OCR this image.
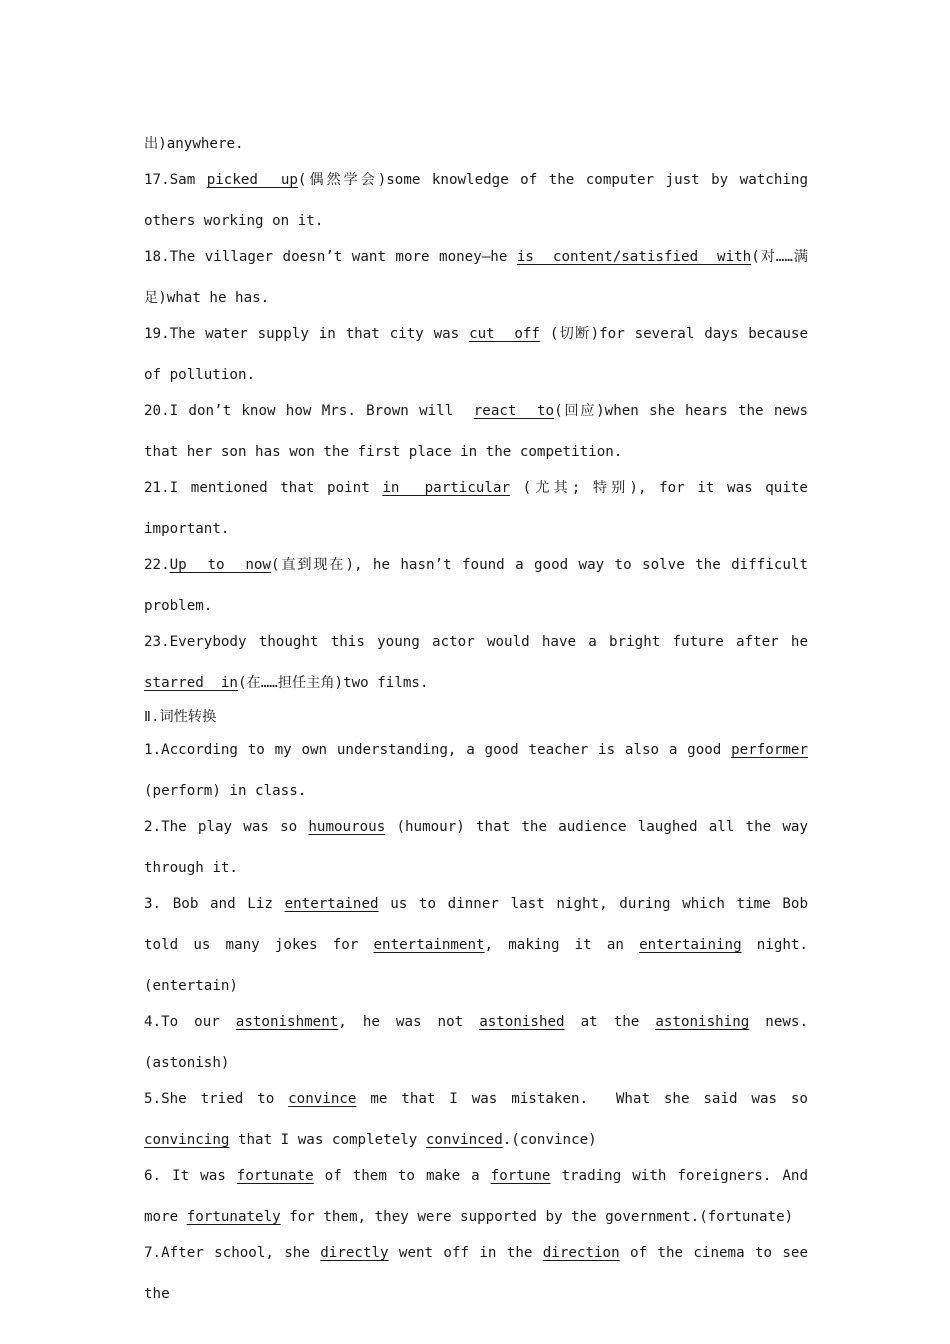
出)anywhere.
17.Sam picked  up(偶然学会)some knowledge of the computer just by watching others working on it.
18.The villager doesn’t want more money—he is  content/satisfied  with(对……满足)what he has.
19.The water supply in that city was cut  off (切断)for several days because of pollution.
20.I don’t know how Mrs. Brown will  react  to(回应)when she hears the news that her son has won the first place in the competition.
21.I mentioned that point in  particular (尤其; 特别), for it was quite important.
22.Up  to  now(直到现在), he hasn’t found a good way to solve the difficult problem.
23.Everybody thought this young actor would have a bright future after he starred  in(在……担任主角)two films.
Ⅱ.词性转换
1.According to my own understanding, a good teacher is also a good performer (perform) in class.
2.The play was so humourous (humour) that the audience laughed all the way through it.
3. Bob and Liz entertained us to dinner last night, during which time Bob told us many jokes for entertainment, making it an entertaining night.(entertain)
4.To our astonishment, he was not astonished at the astonishing news.(astonish)
5.She tried to convince me that I was mistaken.  What she said was so convincing that I was completely convinced.(convince)
6. It was fortunate of them to make a fortune trading with foreigners. And more fortunately for them, they were supported by the government.(fortunate)
7.After school, she directly went off in the direction of the cinema to see the
